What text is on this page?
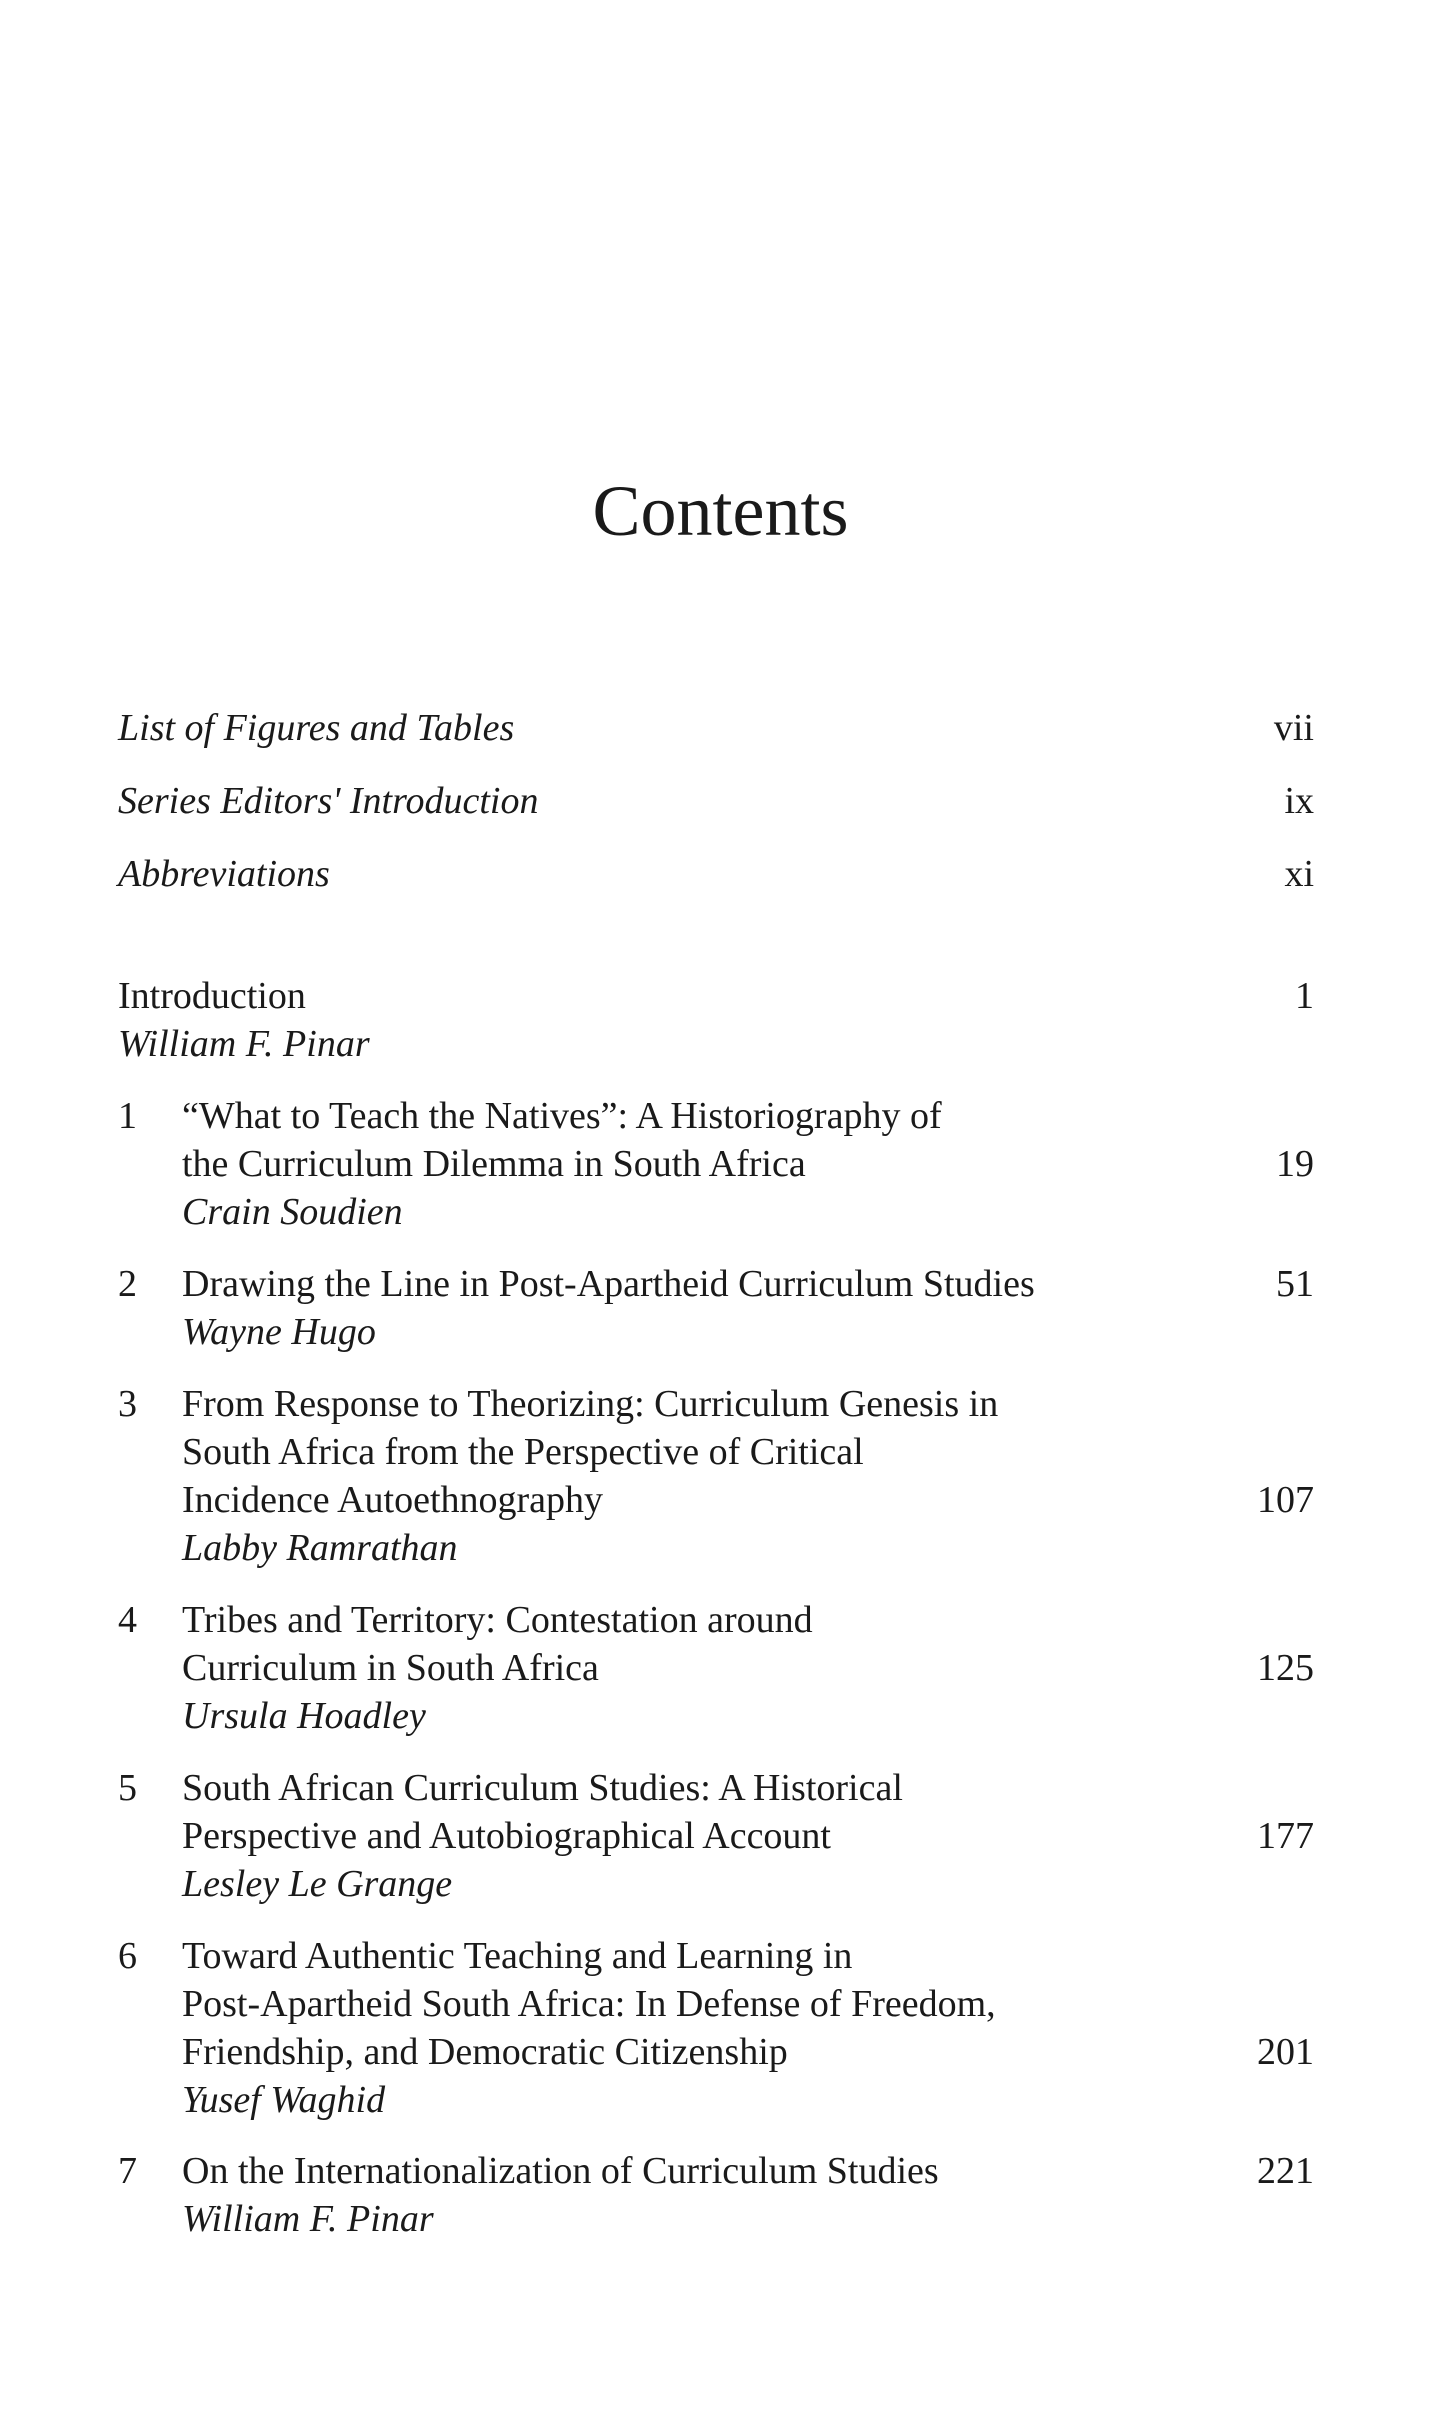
Contents
List of Figures and Tables	vii
Series Editors' Introduction	ix
Abbreviations	xi
Introduction	1
William F. Pinar
1 “What to Teach the Natives”: A Historiography of
the Curriculum Dilemma in South Africa	19
Crain Soudien
2 Drawing the Line in Post-Apartheid Curriculum Studies	51
Wayne Hugo
3 From Response to Theorizing: Curriculum Genesis in
South Africa from the Perspective of Critical
Incidence Autoethnography	107
Labby Ramrathan
4 Tribes and Territory: Contestation around
Curriculum in South Africa	125
Ursula Hoadley
5 South African Curriculum Studies: A Historical
Perspective and Autobiographical Account	177
Lesley Le Grange
6 Toward Authentic Teaching and Learning in
Post-Apartheid South Africa: In Defense of Freedom,
Friendship, and Democratic Citizenship	201
Yusef Waghid
7 On the Internationalization of Curriculum Studies	221
William F. Pinar
